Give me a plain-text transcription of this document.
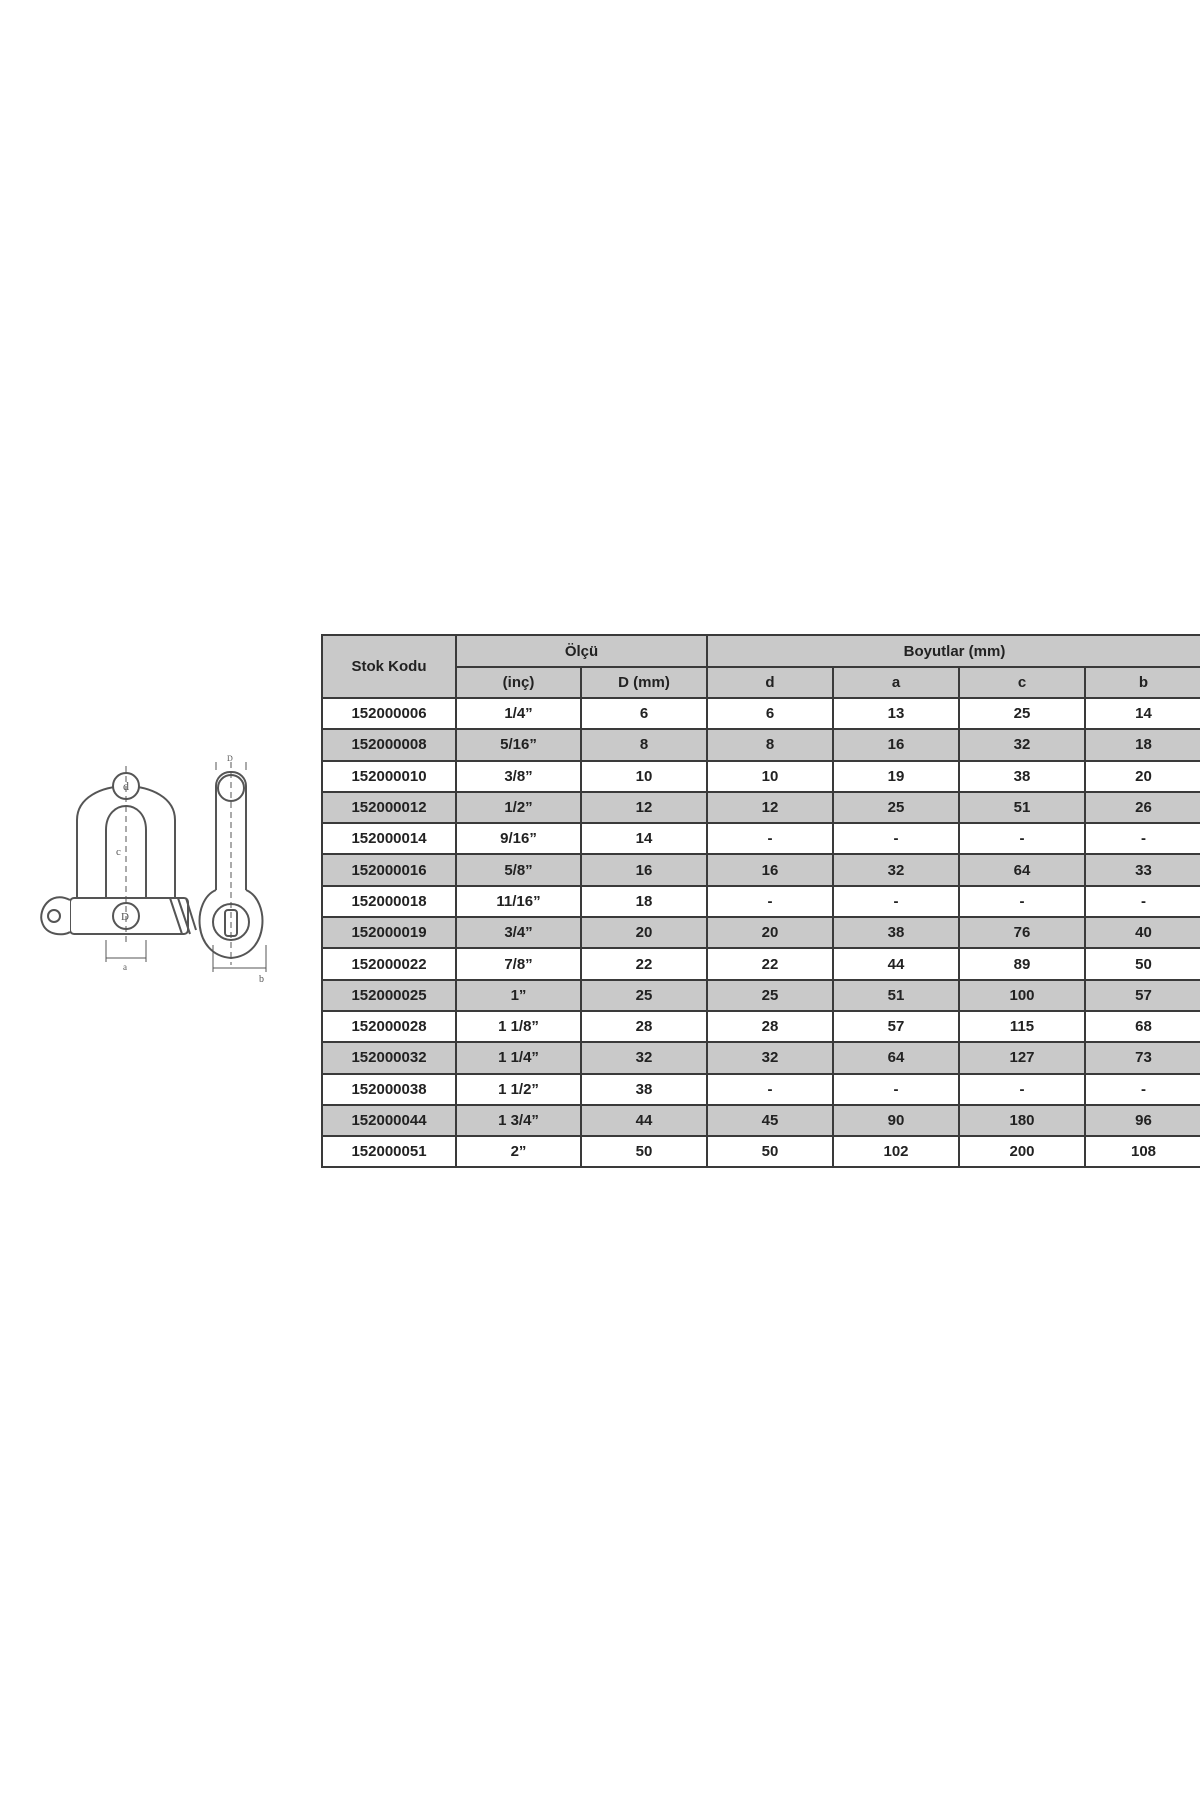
d
c
D
a
D
b
Stok Kodu	Ölçü		Boyutlar (mm)			
	(inç)	D (mm)	d	a	c	b
152000006	1/4”	6	6	13	25	14
152000008	5/16”	8	8	16	32	18
152000010	3/8”	10	10	19	38	20
152000012	1/2”	12	12	25	51	26
152000014	9/16”	14	-	-	-	-
152000016	5/8”	16	16	32	64	33
152000018	11/16”	18	-	-	-	-
152000019	3/4”	20	20	38	76	40
152000022	7/8”	22	22	44	89	50
152000025	1”	25	25	51	100	57
152000028	1 1/8”	28	28	57	115	68
152000032	1 1/4”	32	32	64	127	73
152000038	1 1/2”	38	-	-	-	-
152000044	1 3/4”	44	45	90	180	96
152000051	2”	50	50	102	200	108
